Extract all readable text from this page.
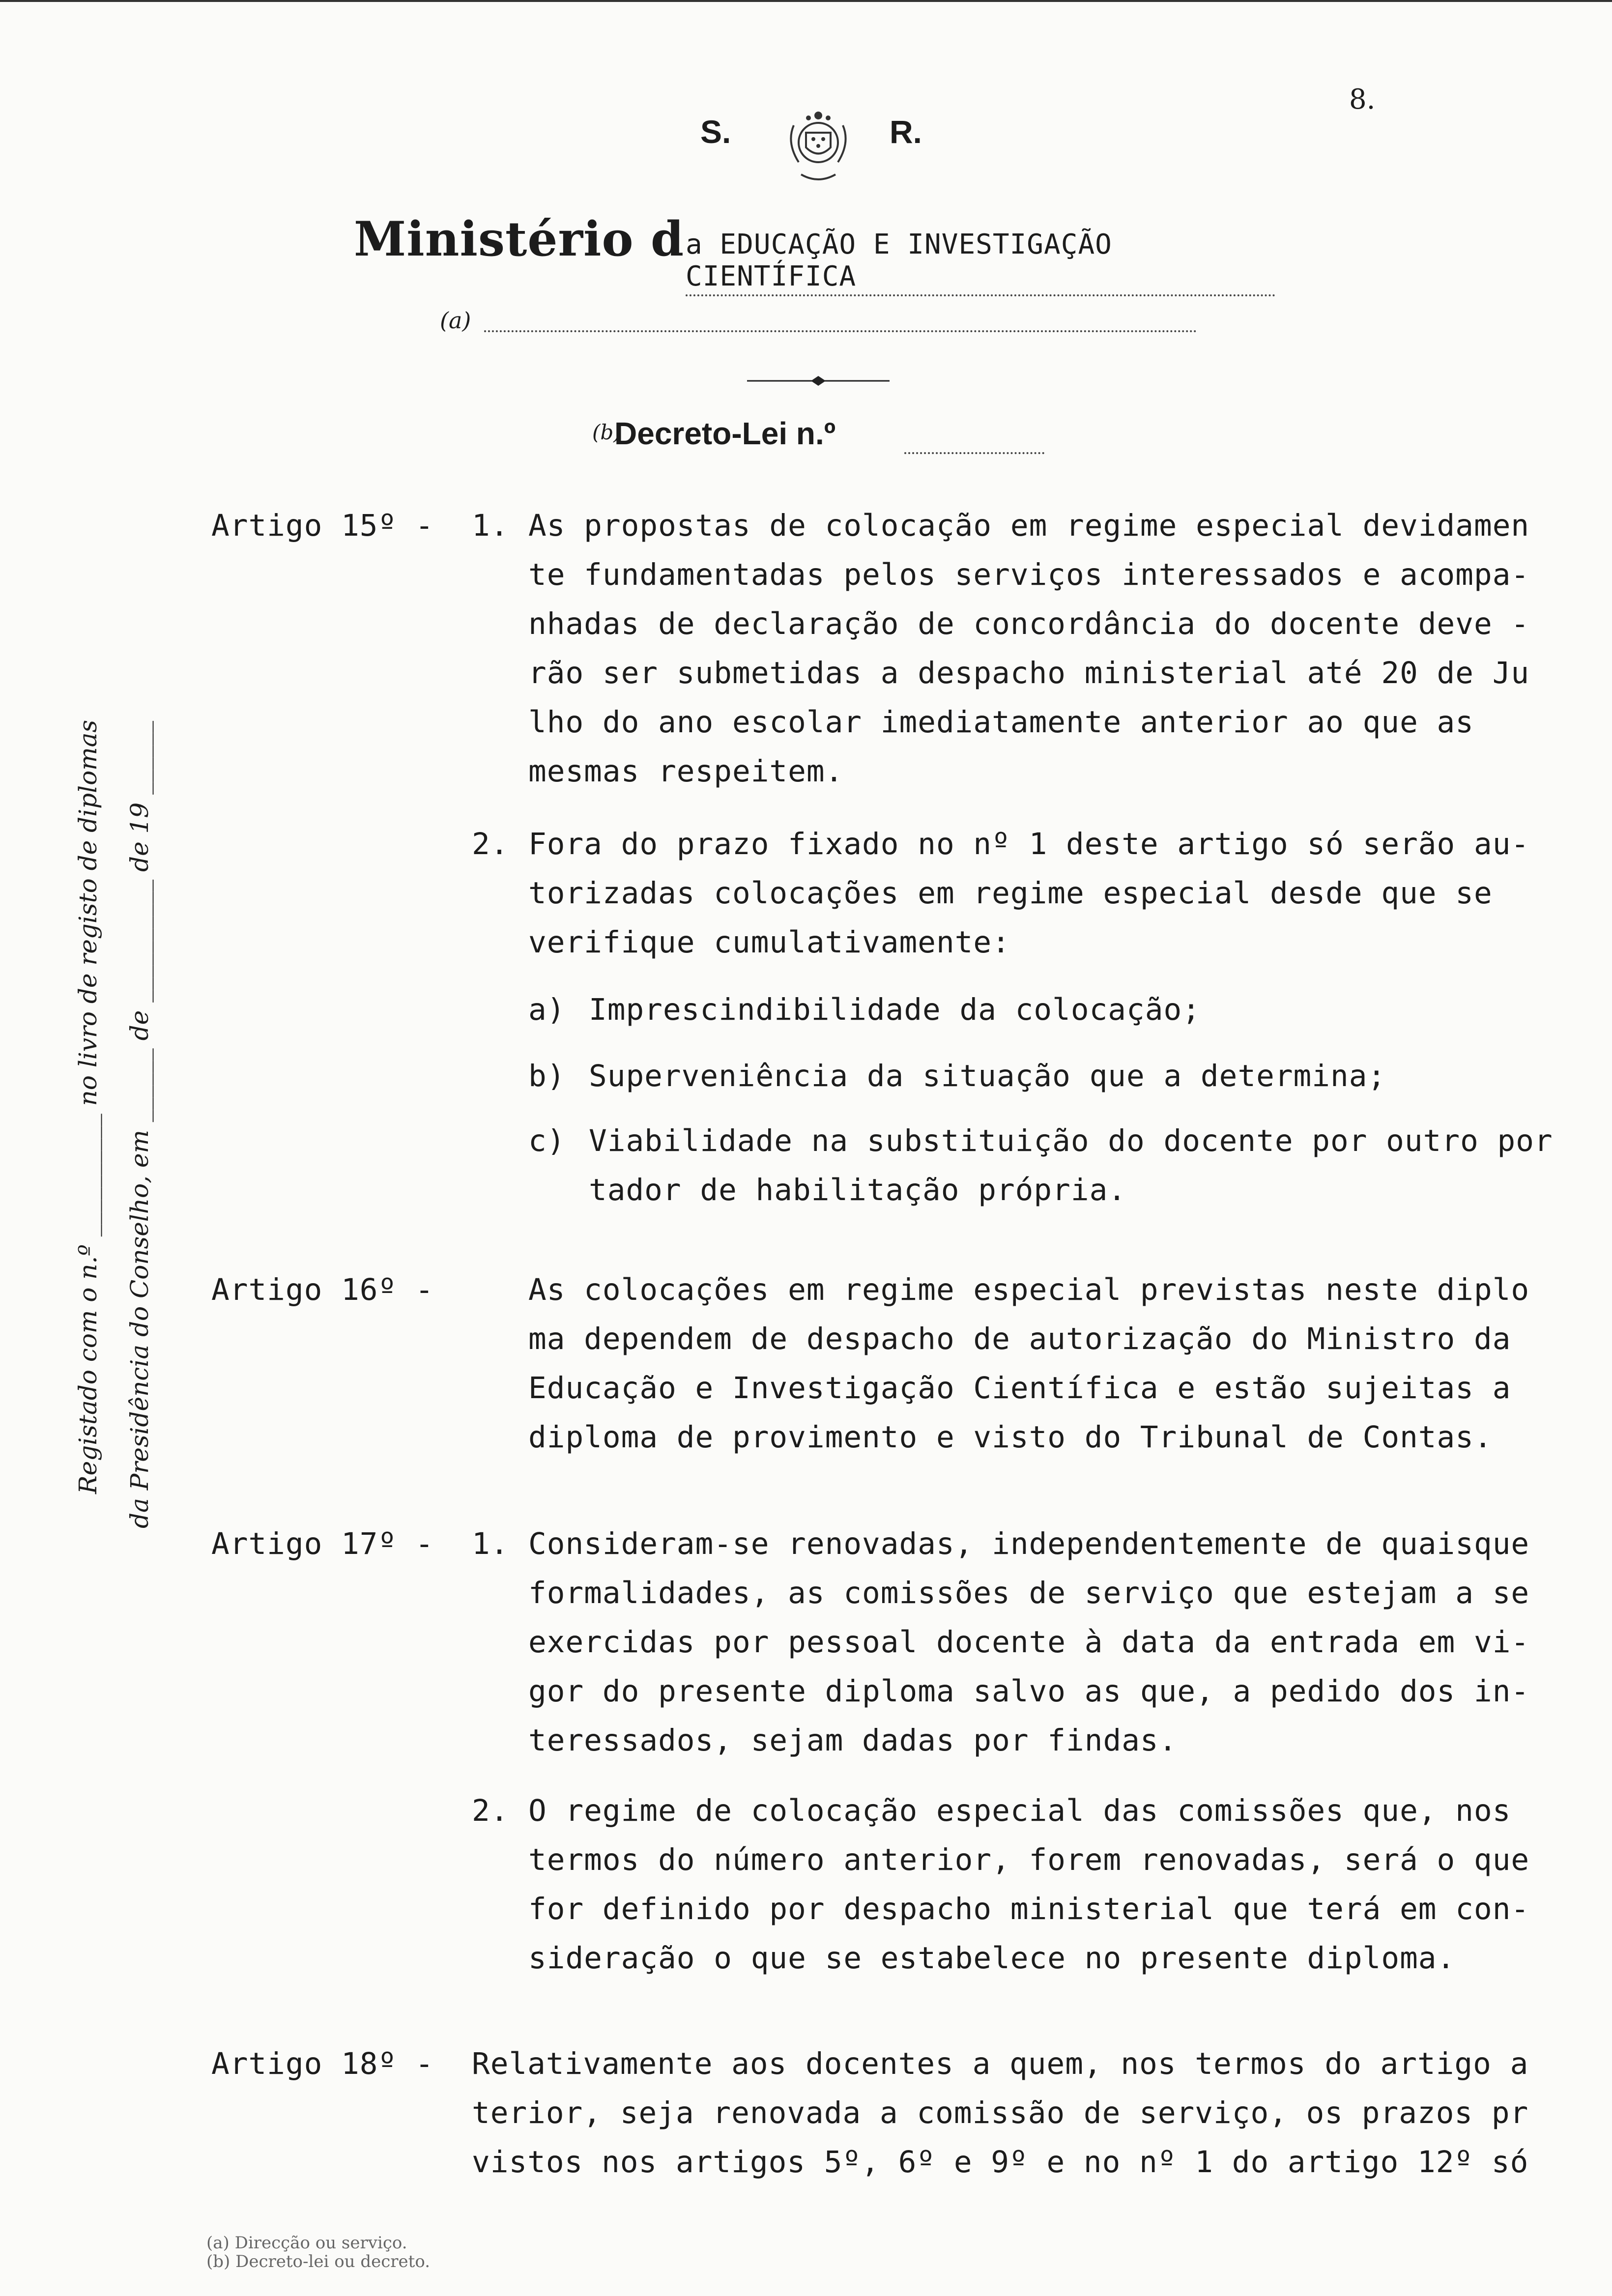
8.
S.	R.
Ministério d a EDUCAÇÃO E INVESTIGAÇÃO CIENTÍFICA
(a)
(b)
Decreto-Lei n.º
Registado com o n.º __________ no livro de registo de diplomas da Presidência do Conselho, em ______ de __________ de 19 ______
Artigo 15º - 1. As propostas de colocação em regime especial devidamen
te fundamentadas pelos serviços interessados e acompa-
nhadas de declaração de concordância do docente deve -
rão ser submetidas a despacho ministerial até 20 de Ju
lho do ano escolar imediatamente anterior ao que as
mesmas respeitem.
2. Fora do prazo fixado no nº 1 deste artigo só serão au-
torizadas colocações em regime especial desde que se
verifique cumulativamente:
a) Imprescindibilidade da colocação;
b) Superveniência da situação que a determina;
c) Viabilidade na substituição do docente por outro por
tador de habilitação própria.
Artigo 16º -	As colocações em regime especial previstas neste diplo
ma dependem de despacho de autorização do Ministro da
Educação e Investigação Científica e estão sujeitas a
diploma de provimento e visto do Tribunal de Contas.
Artigo 17º - 1. Consideram-se renovadas, independentemente de quaisque
formalidades, as comissões de serviço que estejam a se
exercidas por pessoal docente à data da entrada em vi-
gor do presente diploma salvo as que, a pedido dos in-
teressados, sejam dadas por findas.
2. O regime de colocação especial das comissões que, nos
termos do número anterior, forem renovadas, será o que
for definido por despacho ministerial que terá em con-
sideração o que se estabelece no presente diploma.
Artigo 18º - Relativamente aos docentes a quem, nos termos do artigo a
terior, seja renovada a comissão de serviço, os prazos pr
vistos nos artigos 5º, 6º e 9º e no nº 1 do artigo 12º só
(a) Direcção ou serviço.
(b) Decreto-lei ou decreto.
